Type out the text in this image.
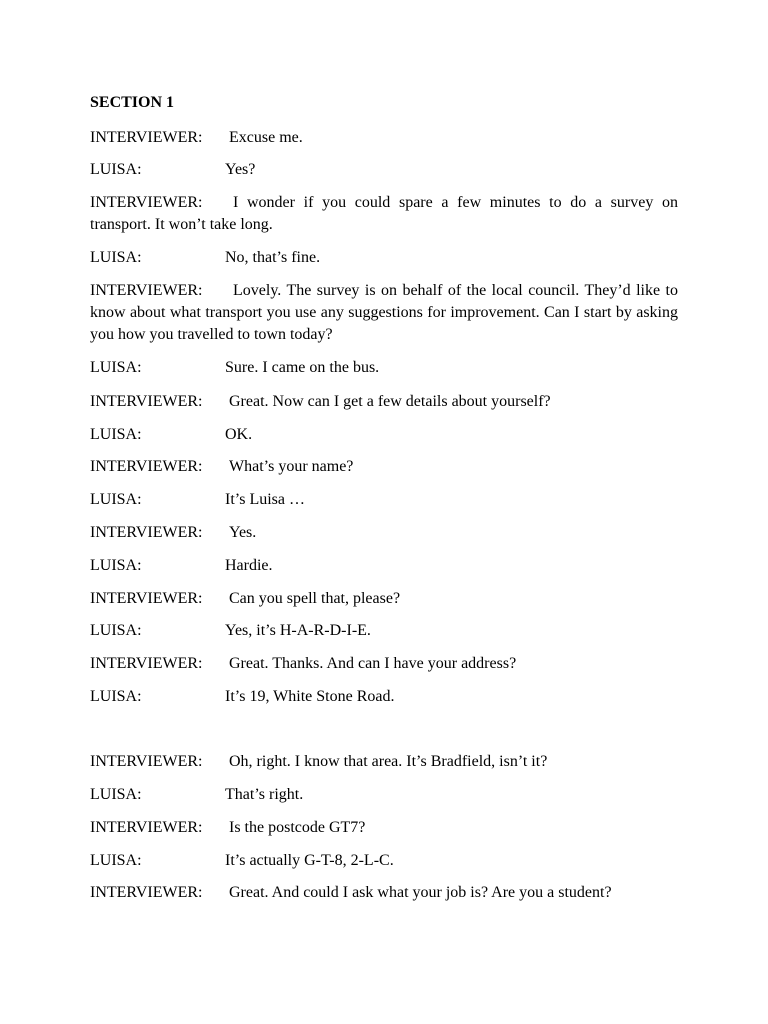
SECTION 1
INTERVIEWER: Excuse me.
LUISA:	Yes?
INTERVIEWER: I wonder if you could spare a few minutes to do a survey on transport. It won’t take long.
LUISA:	No, that’s fine.
INTERVIEWER: Lovely. The survey is on behalf of the local council. They’d like to know about what transport you use any suggestions for improvement. Can I start by asking you how you travelled to town today?
LUISA:	Sure. I came on the bus.
INTERVIEWER: Great. Now can I get a few details about yourself?
LUISA:	OK.
INTERVIEWER: What’s your name?
LUISA:	It’s Luisa …
INTERVIEWER: Yes.
LUISA:	Hardie.
INTERVIEWER: Can you spell that, please?
LUISA:	Yes, it’s H-A-R-D-I-E.
INTERVIEWER: Great. Thanks. And can I have your address?
LUISA:	It’s 19, White Stone Road.
INTERVIEWER: Oh, right. I know that area. It’s Bradfield, isn’t it?
LUISA:	That’s right.
INTERVIEWER: Is the postcode GT7?
LUISA:	It’s actually G-T-8, 2-L-C.
INTERVIEWER: Great. And could I ask what your job is? Are you a student?
